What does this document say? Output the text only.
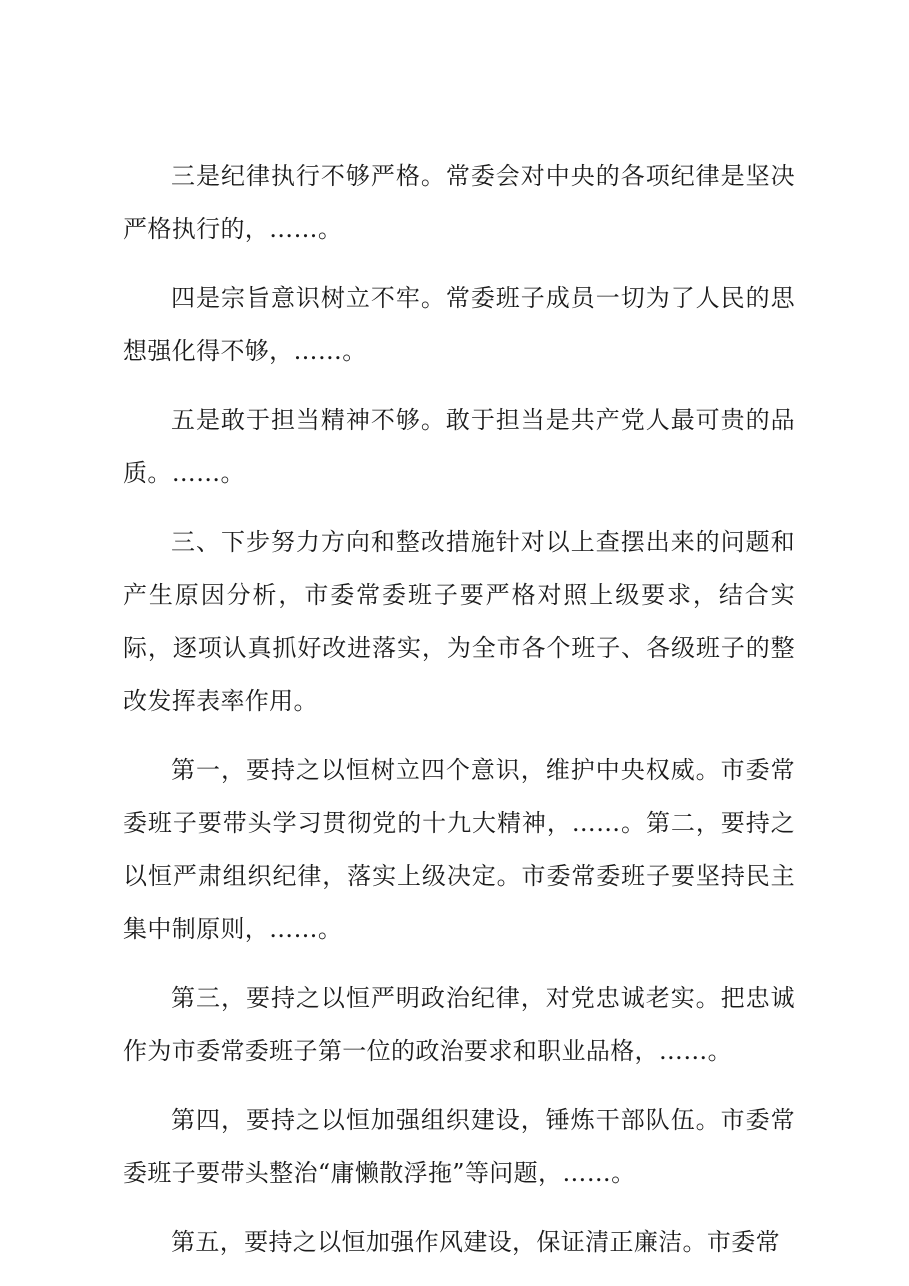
三是纪律执行不够严格。常委会对中央的各项纪律是坚决严格执行的，……。

四是宗旨意识树立不牢。常委班子成员一切为了人民的思想强化得不够，……。

五是敢于担当精神不够。敢于担当是共产党人最可贵的品质。……。

三、下步努力方向和整改措施针对以上查摆出来的问题和产生原因分析，市委常委班子要严格对照上级要求，结合实际，逐项认真抓好改进落实，为全市各个班子、各级班子的整改发挥表率作用。

第一，要持之以恒树立四个意识，维护中央权威。市委常委班子要带头学习贯彻党的十九大精神，……。第二，要持之以恒严肃组织纪律，落实上级决定。市委常委班子要坚持民主集中制原则，……。

第三，要持之以恒严明政治纪律，对党忠诚老实。把忠诚作为市委常委班子第一位的政治要求和职业品格，……。

第四，要持之以恒加强组织建设，锤炼干部队伍。市委常委班子要带头整治“庸懒散浮拖”等问题，……。

第五，要持之以恒加强作风建设，保证清正廉洁。市委常
